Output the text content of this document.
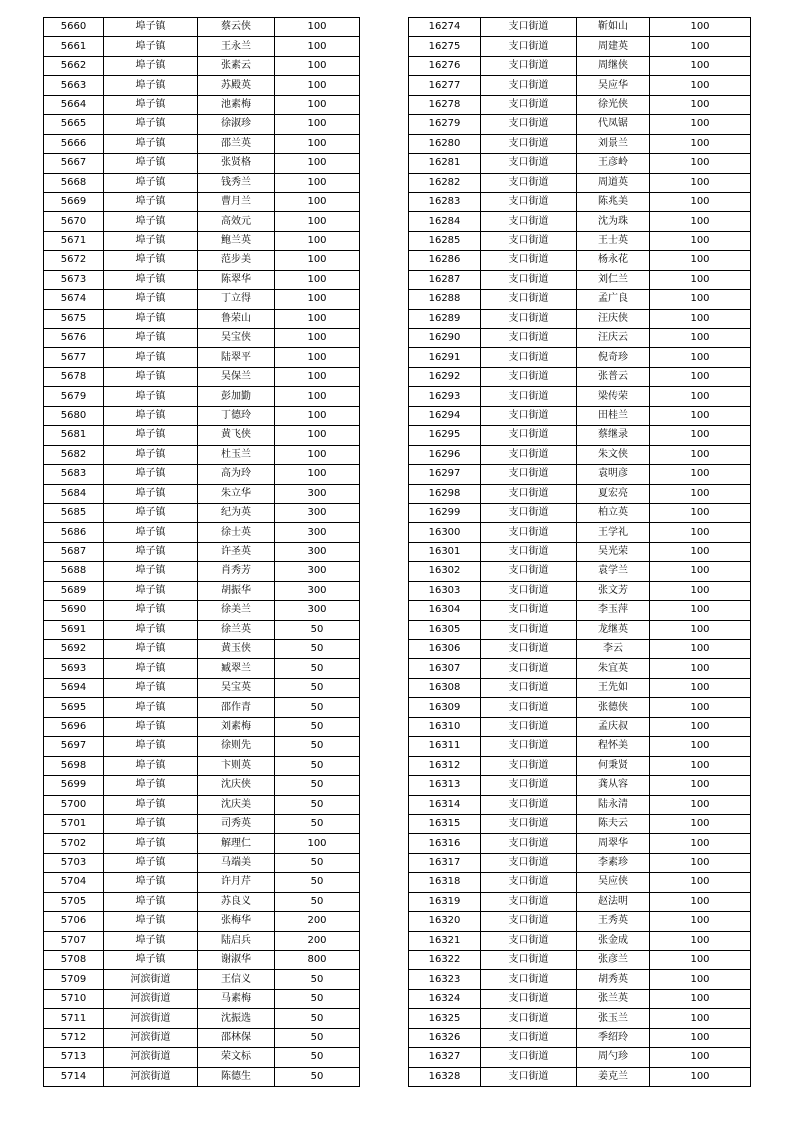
5660	埠子镇	蔡云侠	100
5661	埠子镇	王永兰	100
5662	埠子镇	张素云	100
5663	埠子镇	苏殿英	100
5664	埠子镇	池素梅	100
5665	埠子镇	徐淑珍	100
5666	埠子镇	邵兰英	100
5667	埠子镇	张贤格	100
5668	埠子镇	钱秀兰	100
5669	埠子镇	曹月兰	100
5670	埠子镇	高效元	100
5671	埠子镇	鲍兰英	100
5672	埠子镇	范步美	100
5673	埠子镇	陈翠华	100
5674	埠子镇	丁立得	100
5675	埠子镇	鲁荣山	100
5676	埠子镇	吴宝侠	100
5677	埠子镇	陆翠平	100
5678	埠子镇	吴保兰	100
5679	埠子镇	彭加勤	100
5680	埠子镇	丁德玲	100
5681	埠子镇	黄飞侠	100
5682	埠子镇	杜玉兰	100
5683	埠子镇	高为玲	100
5684	埠子镇	朱立华	300
5685	埠子镇	纪为英	300
5686	埠子镇	徐士英	300
5687	埠子镇	许圣英	300
5688	埠子镇	肖秀芳	300
5689	埠子镇	胡振华	300
5690	埠子镇	徐美兰	300
5691	埠子镇	徐兰英	50
5692	埠子镇	黄玉侠	50
5693	埠子镇	臧翠兰	50
5694	埠子镇	吴宝英	50
5695	埠子镇	邵作青	50
5696	埠子镇	刘素梅	50
5697	埠子镇	徐则先	50
5698	埠子镇	卞则英	50
5699	埠子镇	沈庆侠	50
5700	埠子镇	沈庆美	50
5701	埠子镇	司秀英	50
5702	埠子镇	解理仁	100
5703	埠子镇	马端美	50
5704	埠子镇	许月芹	50
5705	埠子镇	苏良义	50
5706	埠子镇	张梅华	200
5707	埠子镇	陆启兵	200
5708	埠子镇	谢淑华	800
5709	河滨街道	王信义	50
5710	河滨街道	马素梅	50
5711	河滨街道	沈振选	50
5712	河滨街道	邵林保	50
5713	河滨街道	荣文标	50
5714	河滨街道	陈德生	50
16274	支口街道	靳如山	100
16275	支口街道	周建英	100
16276	支口街道	周继侠	100
16277	支口街道	吴应华	100
16278	支口街道	徐光侠	100
16279	支口街道	代凤锯	100
16280	支口街道	刘景兰	100
16281	支口街道	王彦岭	100
16282	支口街道	周道英	100
16283	支口街道	陈兆美	100
16284	支口街道	沈为珠	100
16285	支口街道	王士英	100
16286	支口街道	杨永花	100
16287	支口街道	刘仁兰	100
16288	支口街道	孟广良	100
16289	支口街道	汪庆侠	100
16290	支口街道	汪庆云	100
16291	支口街道	倪奇珍	100
16292	支口街道	张普云	100
16293	支口街道	梁传荣	100
16294	支口街道	田桂兰	100
16295	支口街道	蔡继录	100
16296	支口街道	朱文侠	100
16297	支口街道	袁明彦	100
16298	支口街道	夏宏亮	100
16299	支口街道	柏立英	100
16300	支口街道	王学礼	100
16301	支口街道	吴光荣	100
16302	支口街道	袁学兰	100
16303	支口街道	张文芳	100
16304	支口街道	李玉萍	100
16305	支口街道	龙继英	100
16306	支口街道	李云	100
16307	支口街道	朱宜英	100
16308	支口街道	王先如	100
16309	支口街道	张德侠	100
16310	支口街道	孟庆叔	100
16311	支口街道	程怀美	100
16312	支口街道	何秉贤	100
16313	支口街道	龚从容	100
16314	支口街道	陆永清	100
16315	支口街道	陈夫云	100
16316	支口街道	周翠华	100
16317	支口街道	李素珍	100
16318	支口街道	吴应侠	100
16319	支口街道	赵法明	100
16320	支口街道	王秀英	100
16321	支口街道	张金成	100
16322	支口街道	张彦兰	100
16323	支口街道	胡秀英	100
16324	支口街道	张兰英	100
16325	支口街道	张玉兰	100
16326	支口街道	季绍玲	100
16327	支口街道	周勺珍	100
16328	支口街道	姜克兰	100
